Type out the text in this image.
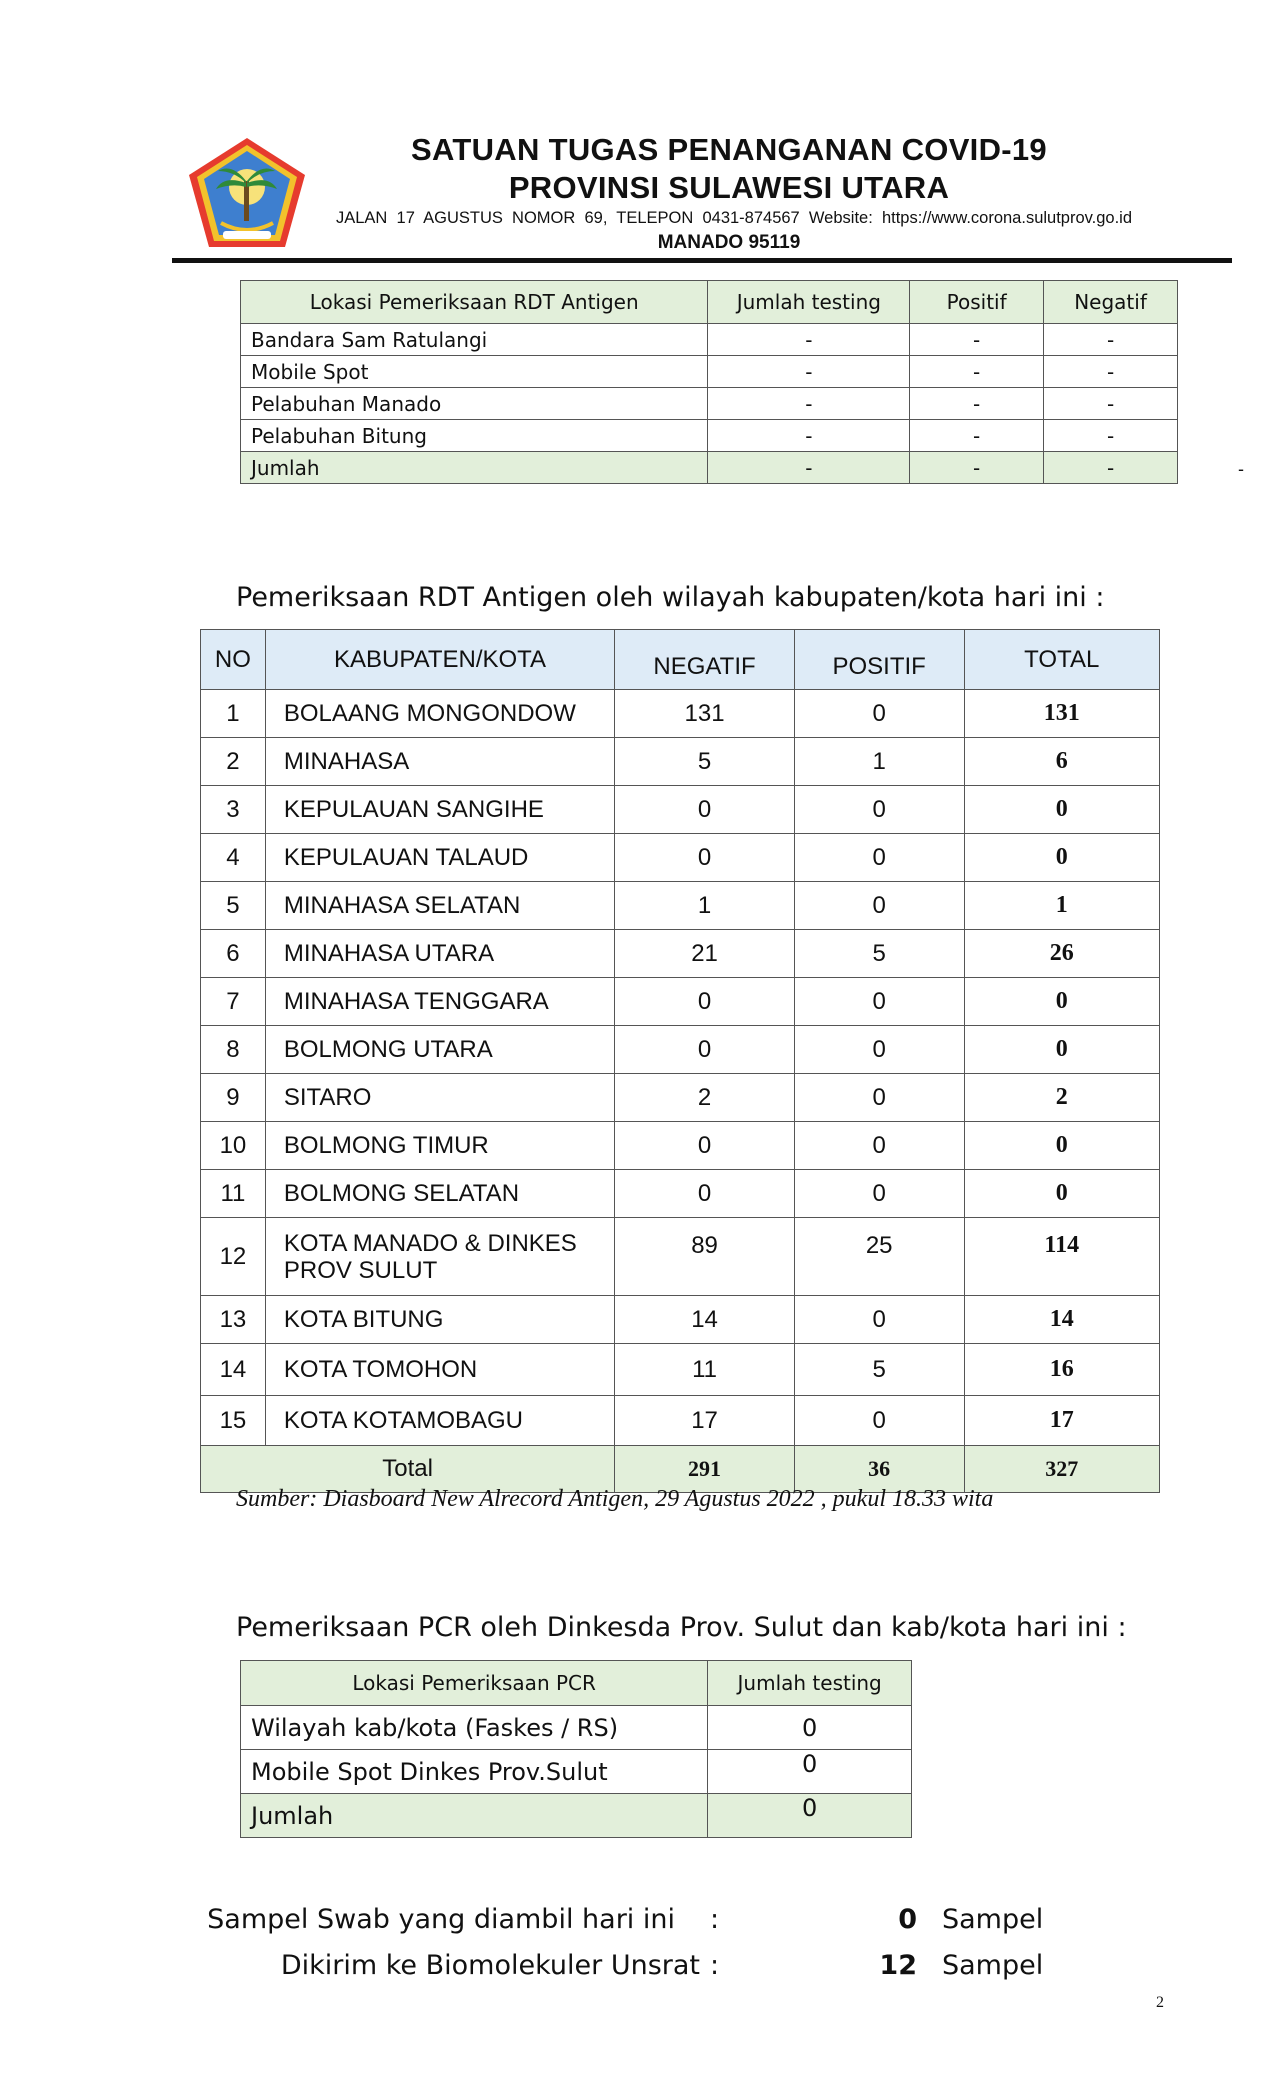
SATUAN TUGAS PENANGANAN COVID-19
PROVINSI SULAWESI UTARA
JALAN  17  AGUSTUS  NOMOR  69,  TELEPON  0431-874567  Website:  https://www.corona.sulutprov.go.id
MANADO 95119
Lokasi Pemeriksaan RDT Antigen	Jumlah testing	Positif	Negatif
Bandara Sam Ratulangi	-	-	-
Mobile Spot	-	-	-
Pelabuhan Manado	-	-	-
Pelabuhan Bitung	-	-	-
Jumlah	-	-	-	-
Pemeriksaan RDT Antigen oleh wilayah kabupaten/kota hari ini :
NO	KABUPATEN/KOTA	NEGATIF	POSITIF	TOTAL
1	BOLAANG MONGONDOW	131	0	131
2	MINAHASA	5	1	6
3	KEPULAUAN SANGIHE	0	0	0
4	KEPULAUAN TALAUD	0	0	0
5	MINAHASA SELATAN	1	0	1
6	MINAHASA UTARA	21	5	26
7	MINAHASA TENGGARA	0	0	0
8	BOLMONG UTARA	0	0	0
9	SITARO	2	0	2
10	BOLMONG TIMUR	0	0	0
11	BOLMONG SELATAN	0	0	0
12	KOTA MANADO & DINKES PROV SULUT	89	25	114
13	KOTA BITUNG	14	0	14
14	KOTA TOMOHON	11	5	16
15	KOTA KOTAMOBAGU	17	0	17
Total		291	36	327
Sumber: Diasboard New Alrecord Antigen, 29 Agustus 2022 , pukul 18.33 wita
Pemeriksaan PCR oleh Dinkesda Prov. Sulut dan kab/kota hari ini :
Lokasi Pemeriksaan PCR	Jumlah testing
Wilayah kab/kota (Faskes / RS)	0
Mobile Spot Dinkes Prov.Sulut	0
Jumlah	0
Sampel Swab yang diambil hari ini :	0 Sampel
Dikirim ke Biomolekuler Unsrat :	12 Sampel
2
